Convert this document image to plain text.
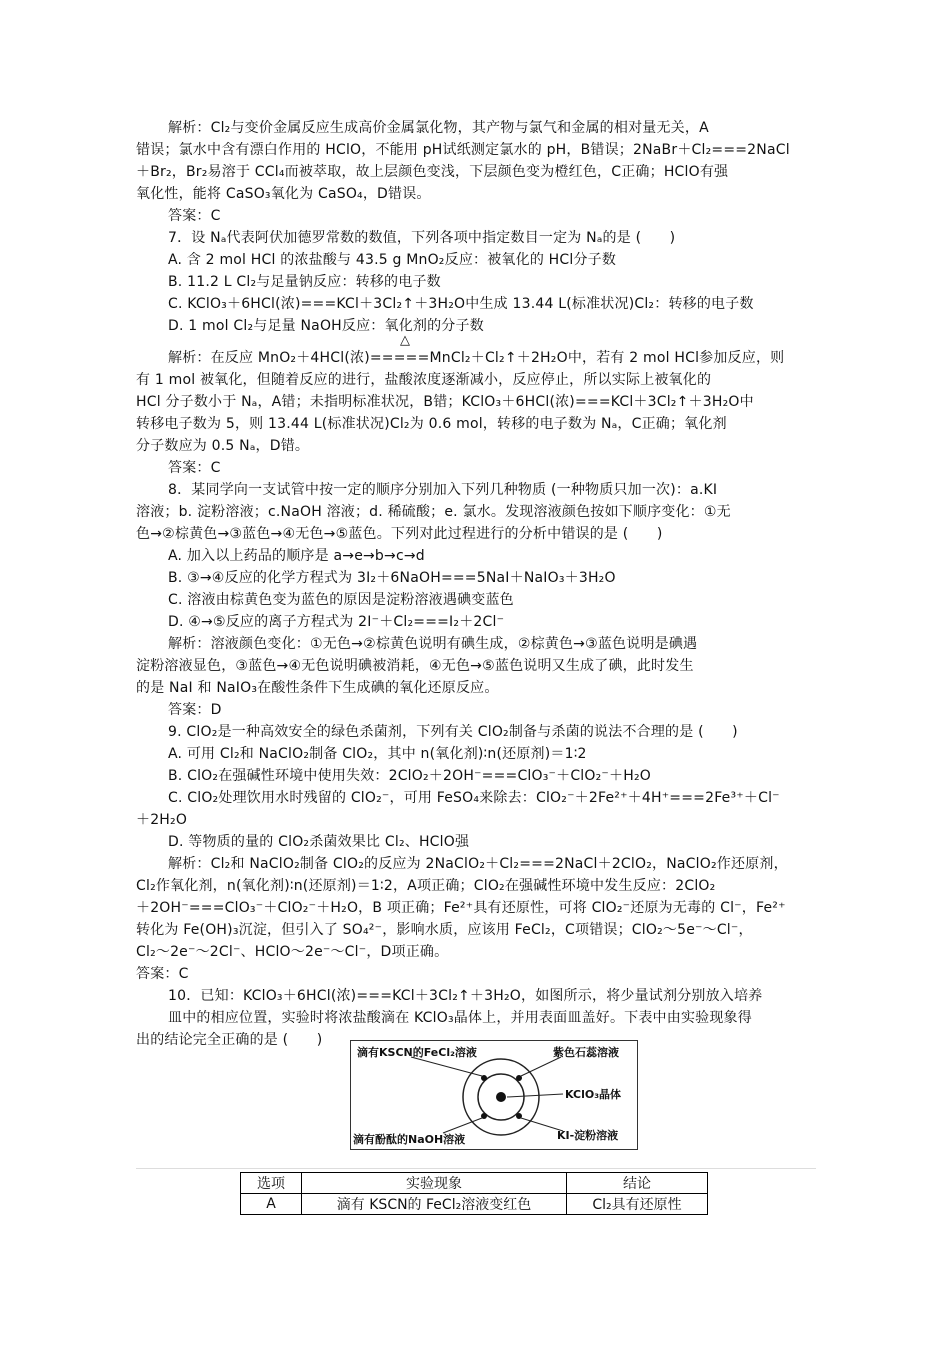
解析：Cl₂与变价金属反应生成高价金属氯化物，其产物与氯气和金属的相对量无关，A
错误；氯水中含有漂白作用的 HClO，不能用 pH试纸测定氯水的 pH，B错误；2NaBr＋Cl₂===2NaCl
＋Br₂，Br₂易溶于 CCl₄而被萃取，故上层颜色变浅，下层颜色变为橙红色，C正确；HClO有强
氧化性，能将 CaSO₃氧化为 CaSO₄，D错误。
答案：C
7．设 Nₐ代表阿伏加德罗常数的数值，下列各项中指定数目一定为 Nₐ的是 (　　)
A. 含 2 mol HCl 的浓盐酸与 43.5 g MnO₂反应：被氧化的 HCl分子数
B. 11.2 L Cl₂与足量钠反应：转移的电子数
C. KClO₃＋6HCl(浓)===KCl＋3Cl₂↑＋3H₂O中生成 13.44 L(标准状况)Cl₂：转移的电子数
D. 1 mol Cl₂与足量 NaOH反应：氧化剂的分子数
解析：在反应 MnO₂＋4HCl(浓)=====MnCl₂＋Cl₂↑＋2H₂O中，若有 2 mol HCl参加反应，则
有 1 mol 被氧化，但随着反应的进行，盐酸浓度逐渐减小，反应停止，所以实际上被氧化的
HCl 分子数小于 Nₐ，A错；未指明标准状况，B错；KClO₃＋6HCl(浓)===KCl＋3Cl₂↑＋3H₂O中
转移电子数为 5，则 13.44 L(标准状况)Cl₂为 0.6 mol，转移的电子数为 Nₐ，C正确；氧化剂
分子数应为 0.5 Nₐ，D错。
答案：C
8．某同学向一支试管中按一定的顺序分别加入下列几种物质 (一种物质只加一次)：a.KI
溶液；b. 淀粉溶液；c.NaOH 溶液；d. 稀硫酸；e. 氯水。发现溶液颜色按如下顺序变化：①无
色→②棕黄色→③蓝色→④无色→⑤蓝色。下列对此过程进行的分析中错误的是 (　　)
A. 加入以上药品的顺序是 a→e→b→c→d
B. ③→④反应的化学方程式为 3I₂＋6NaOH===5NaI＋NaIO₃＋3H₂O
C. 溶液由棕黄色变为蓝色的原因是淀粉溶液遇碘变蓝色
D. ④→⑤反应的离子方程式为 2I⁻＋Cl₂===I₂＋2Cl⁻
解析：溶液颜色变化：①无色→②棕黄色说明有碘生成，②棕黄色→③蓝色说明是碘遇
淀粉溶液显色，③蓝色→④无色说明碘被消耗，④无色→⑤蓝色说明又生成了碘，此时发生
的是 NaI 和 NaIO₃在酸性条件下生成碘的氧化还原反应。
答案：D
9. ClO₂是一种高效安全的绿色杀菌剂，下列有关 ClO₂制备与杀菌的说法不合理的是 (　　)
A. 可用 Cl₂和 NaClO₂制备 ClO₂，其中 n(氧化剂)∶n(还原剂)＝1∶2
B. ClO₂在强碱性环境中使用失效：2ClO₂＋2OH⁻===ClO₃⁻＋ClO₂⁻＋H₂O
C. ClO₂处理饮用水时残留的 ClO₂⁻，可用 FeSO₄来除去：ClO₂⁻＋2Fe²⁺＋4H⁺===2Fe³⁺＋Cl⁻
＋2H₂O
D. 等物质的量的 ClO₂杀菌效果比 Cl₂、HClO强
解析：Cl₂和 NaClO₂制备 ClO₂的反应为 2NaClO₂＋Cl₂===2NaCl＋2ClO₂，NaClO₂作还原剂，
Cl₂作氧化剂，n(氧化剂)∶n(还原剂)＝1∶2，A项正确；ClO₂在强碱性环境中发生反应：2ClO₂
＋2OH⁻===ClO₃⁻＋ClO₂⁻＋H₂O，B 项正确；Fe²⁺具有还原性，可将 ClO₂⁻还原为无毒的 Cl⁻，Fe²⁺
转化为 Fe(OH)₃沉淀，但引入了 SO₄²⁻，影响水质，应该用 FeCl₂，C项错误；ClO₂～5e⁻～Cl⁻，
Cl₂～2e⁻～2Cl⁻、HClO～2e⁻～Cl⁻，D项正确。
答案：C
10．已知：KClO₃＋6HCl(浓)===KCl＋3Cl₂↑＋3H₂O，如图所示，将少量试剂分别放入培养
皿中的相应位置，实验时将浓盐酸滴在 KClO₃晶体上，并用表面皿盖好。下表中由实验现象得
出的结论完全正确的是 (　　)
△
滴有KSCN的FeCl₂溶液	紫色石蕊溶液
KClO₃晶体
KI-淀粉溶液
滴有酚酞的NaOH溶液
选项	实验现象	结论
A	滴有 KSCN的 FeCl₂溶液变红色	Cl₂具有还原性
